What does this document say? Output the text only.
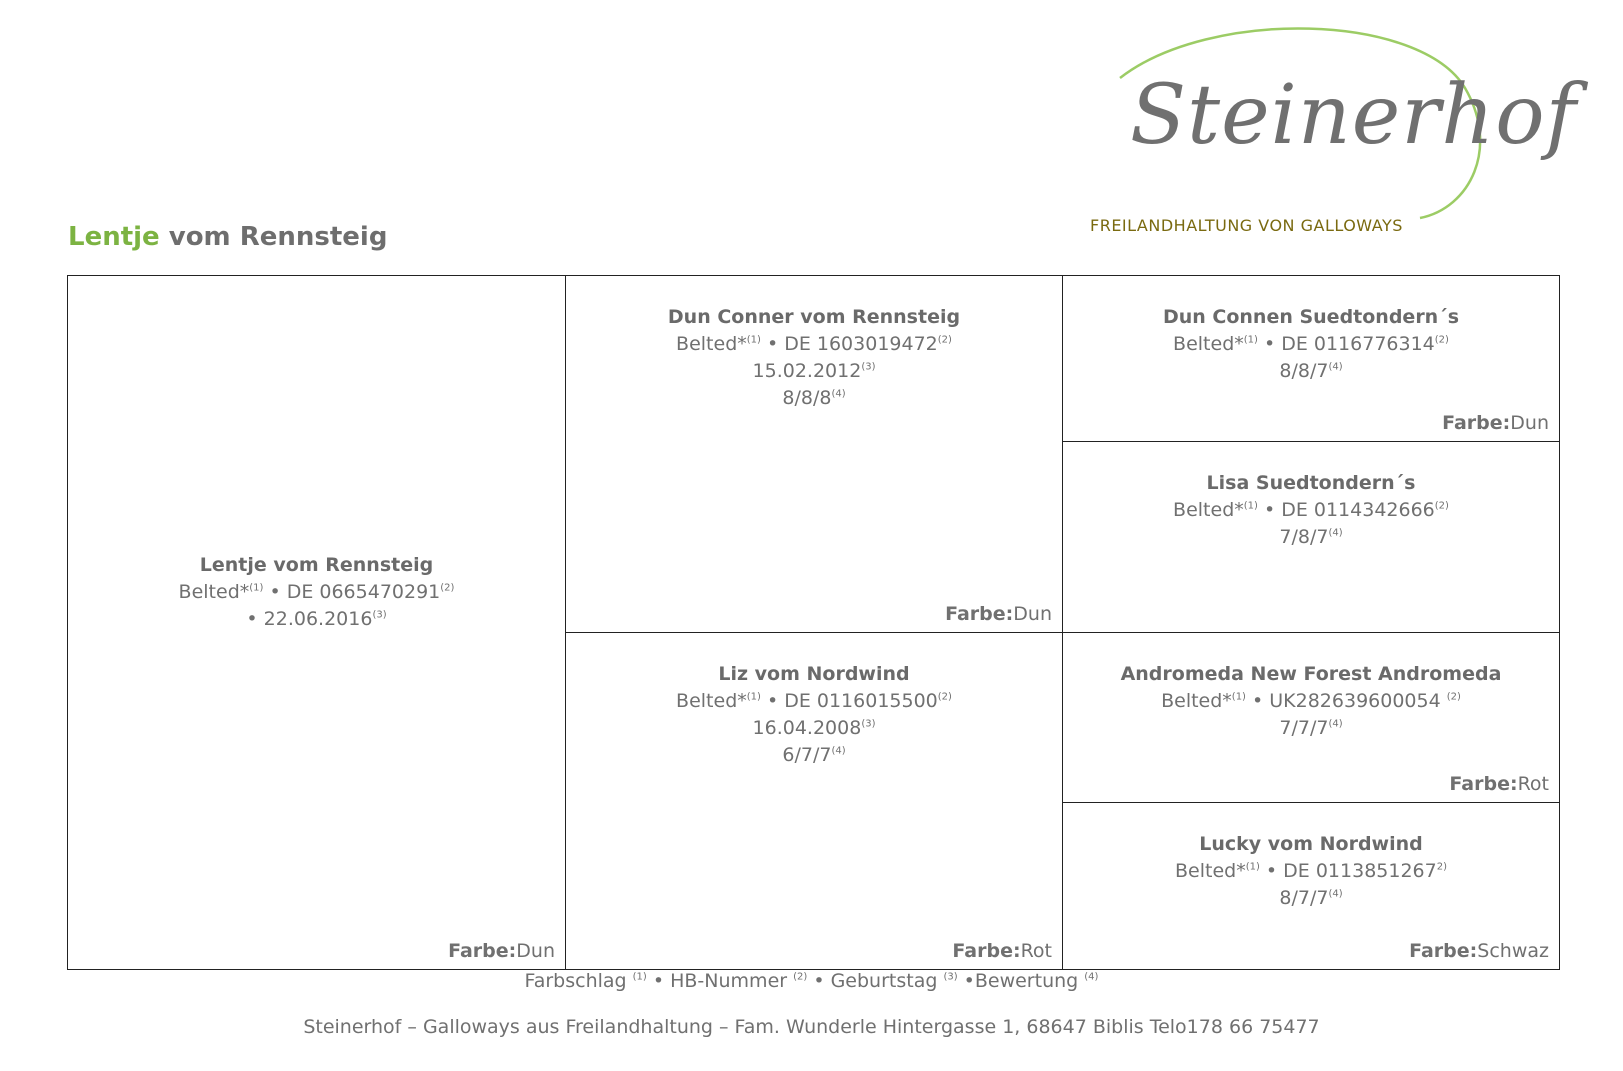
Steinerhof
FREILANDHALTUNG VON GALLOWAYS
Lentje vom Rennsteig
Lentje vom Rennsteig
Belted*$^{(1)}$ • DE 0665470291$^{(2)}$
• 22.06.2016$^{(3)}$
Farbe:Dun
Dun Conner vom Rennsteig
Belted*$^{(1)}$ • DE 1603019472$^{(2)}$
15.02.2012$^{(3)}$
8/8/8$^{(4)}$
Farbe:Dun
Liz vom Nordwind
Belted*$^{(1)}$ • DE 0116015500$^{(2)}$
16.04.2008$^{(3)}$
6/7/7$^{(4)}$
Farbe:Rot
Dun Connen Suedtondern´s
Belted*$^{(1)}$ • DE 0116776314$^{(2)}$
8/8/7$^{(4)}$
Farbe:Dun
Lisa Suedtondern´s
Belted*$^{(1)}$ • DE 0114342666$^{(2)}$
7/8/7$^{(4)}$
Andromeda New Forest Andromeda
Belted*$^{(1)}$ • UK282639600054 $^{(2)}$
7/7/7$^{(4)}$
Farbe:Rot
Lucky vom Nordwind
Belted*$^{(1)}$ • DE 0113851267$^{2)}$
8/7/7$^{(4)}$
Farbe:Schwaz
Farbschlag $^{(1)}$ • HB-Nummer $^{(2)}$ • Geburtstag $^{(3)}$ •Bewertung $^{(4)}$
Steinerhof – Galloways aus Freilandhaltung – Fam. Wunderle Hintergasse 1, 68647 Biblis Telo178 66 75477
